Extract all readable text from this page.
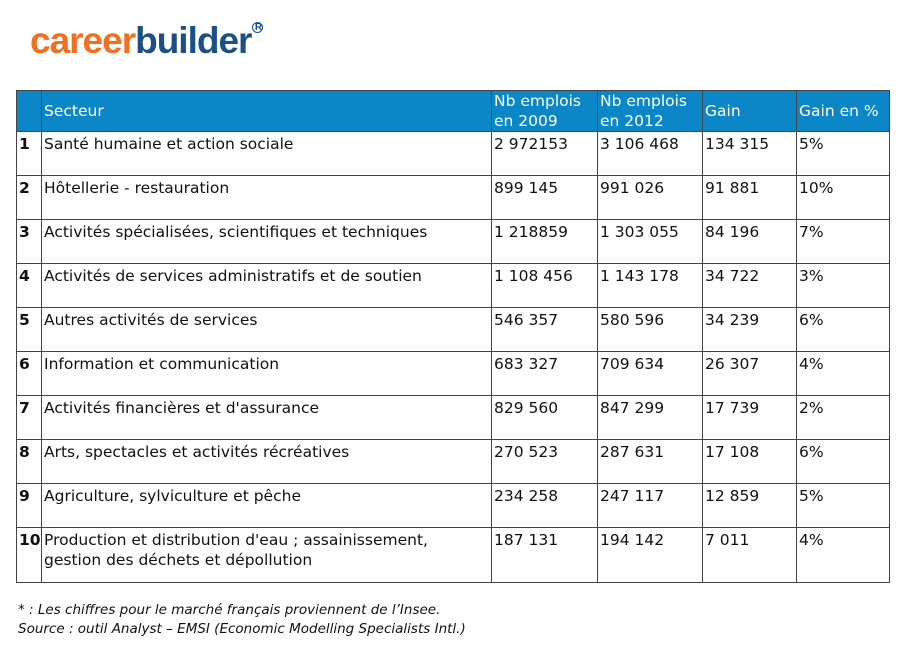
careerbuilder R
	Secteur	Nb emplois en 2009	Nb emplois en 2012	Gain	Gain en %
1	Santé humaine et action sociale	2 972153	3 106 468	134 315	5%
2	Hôtellerie - restauration	899 145	991 026	91 881	10%
3	Activités spécialisées, scientifiques et techniques	1 218859	1 303 055	84 196	7%
4	Activités de services administratifs et de soutien	1 108 456	1 143 178	34 722	3%
5	Autres activités de services	546 357	580 596	34 239	6%
6	Information et communication	683 327	709 634	26 307	4%
7	Activités financières et d'assurance	829 560	847 299	17 739	2%
8	Arts, spectacles et activités récréatives	270 523	287 631	17 108	6%
9	Agriculture, sylviculture et pêche	234 258	247 117	12 859	5%
10	Production et distribution d'eau ; assainissement, gestion des déchets et dépollution	187 131	194 142	7 011	4%
* : Les chiffres pour le marché français proviennent de l’Insee.
Source : outil Analyst – EMSI (Economic Modelling Specialists Intl.)
